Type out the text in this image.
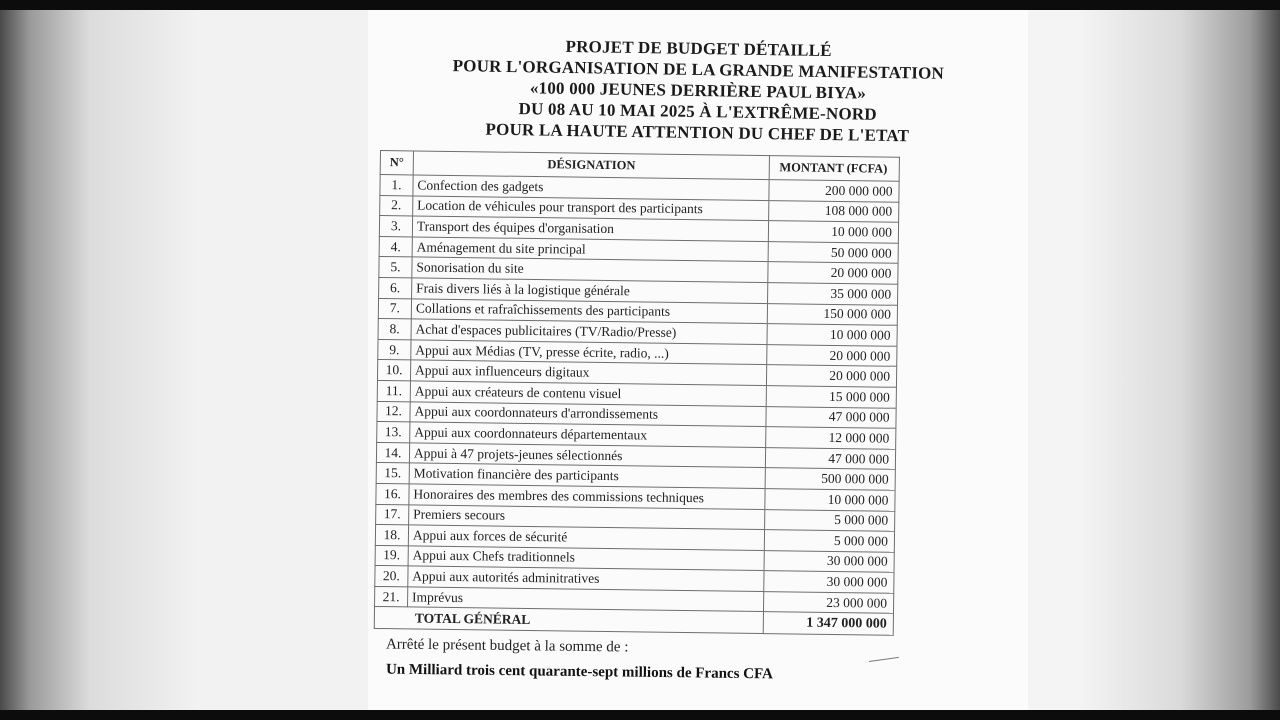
PROJET DE BUDGET DÉTAILLÉ
POUR L'ORGANISATION DE LA GRANDE MANIFESTATION
«100 000 JEUNES DERRIÈRE PAUL BIYA»
DU 08 AU 10 MAI 2025 À L'EXTRÊME-NORD
POUR LA HAUTE ATTENTION DU CHEF DE L'ETAT
N°	DÉSIGNATION	MONTANT (FCFA)
1.	Confection des gadgets	200 000 000
2.	Location de véhicules pour transport des participants	108 000 000
3.	Transport des équipes d'organisation	10 000 000
4.	Aménagement du site principal	50 000 000
5.	Sonorisation du site	20 000 000
6.	Frais divers liés à la logistique générale	35 000 000
7.	Collations et rafraîchissements des participants	150 000 000
8.	Achat d'espaces publicitaires (TV/Radio/Presse)	10 000 000
9.	Appui aux Médias (TV, presse écrite, radio, ...)	20 000 000
10.	Appui aux influenceurs digitaux	20 000 000
11.	Appui aux créateurs de contenu visuel	15 000 000
12.	Appui aux coordonnateurs d'arrondissements	47 000 000
13.	Appui aux coordonnateurs départementaux	12 000 000
14.	Appui à 47 projets-jeunes sélectionnés	47 000 000
15.	Motivation financière des participants	500 000 000
16.	Honoraires des membres des commissions techniques	10 000 000
17.	Premiers secours	5 000 000
18.	Appui aux forces de sécurité	5 000 000
19.	Appui aux Chefs traditionnels	30 000 000
20.	Appui aux autorités adminitratives	30 000 000
21.	Imprévus	23 000 000
TOTAL GÉNÉRAL		1 347 000 000
Arrêté le présent budget à la somme de :
Un Milliard trois cent quarante-sept millions de Francs CFA
